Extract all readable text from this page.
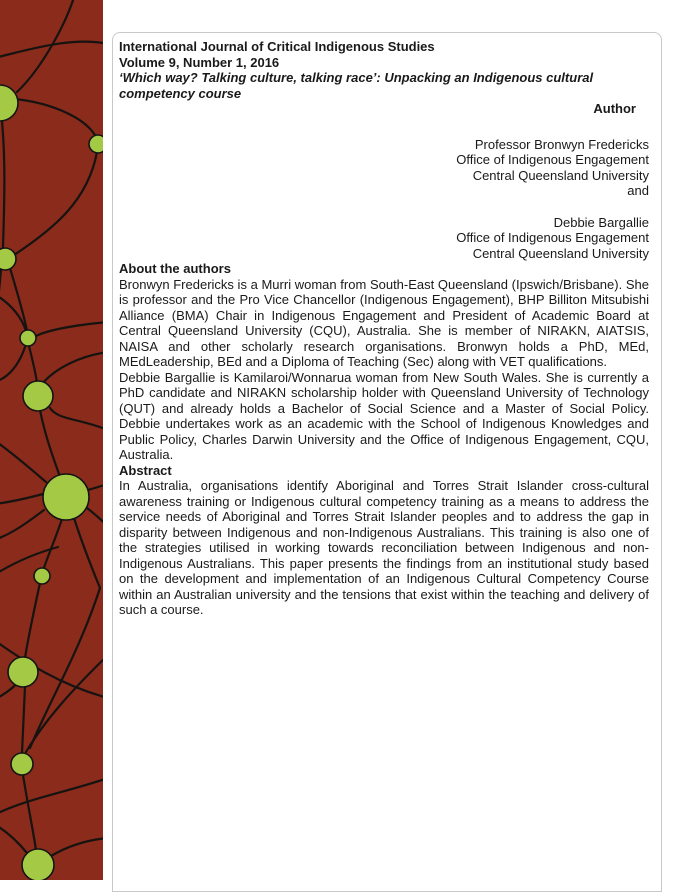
International Journal of Critical Indigenous Studies

Volume 9, Number 1, 2016

‘Which way? Talking culture, talking race’: Unpacking an Indigenous cultural competency course

Author

Professor Bronwyn Fredericks

Office of Indigenous Engagement

Central Queensland University

and

Debbie Bargallie

Office of Indigenous Engagement

Central Queensland University

About the authors

Bronwyn Fredericks is a Murri woman from South-East Queensland (Ipswich/Brisbane). She is professor and the Pro Vice Chancellor (Indigenous Engagement), BHP Billiton Mitsubishi Alliance (BMA) Chair in Indigenous Engagement and President of Academic Board at Central Queensland University (CQU), Australia. She is member of NIRAKN, AIATSIS, NAISA and other scholarly research organisations. Bronwyn holds a PhD, MEd, MEdLeadership, BEd and a Diploma of Teaching (Sec) along with VET qualifications.

Debbie Bargallie is Kamilaroi/Wonnarua woman from New South Wales. She is currently a PhD candidate and NIRAKN scholarship holder with Queensland University of Technology (QUT) and already holds a Bachelor of Social Science and a Master of Social Policy. Debbie undertakes work as an academic with the School of Indigenous Knowledges and Public Policy, Charles Darwin University and the Office of Indigenous Engagement, CQU, Australia.

Abstract

In Australia, organisations identify Aboriginal and Torres Strait Islander cross-cultural awareness training or Indigenous cultural competency training as a means to address the service needs of Aboriginal and Torres Strait Islander peoples and to address the gap in disparity between Indigenous and non-Indigenous Australians. This training is also one of the strategies utilised in working towards reconciliation between Indigenous and non-Indigenous Australians. This paper presents the findings from an institutional study based on the development and implementation of an Indigenous Cultural Competency Course within an Australian university and the tensions that exist within the teaching and delivery of such a course.
